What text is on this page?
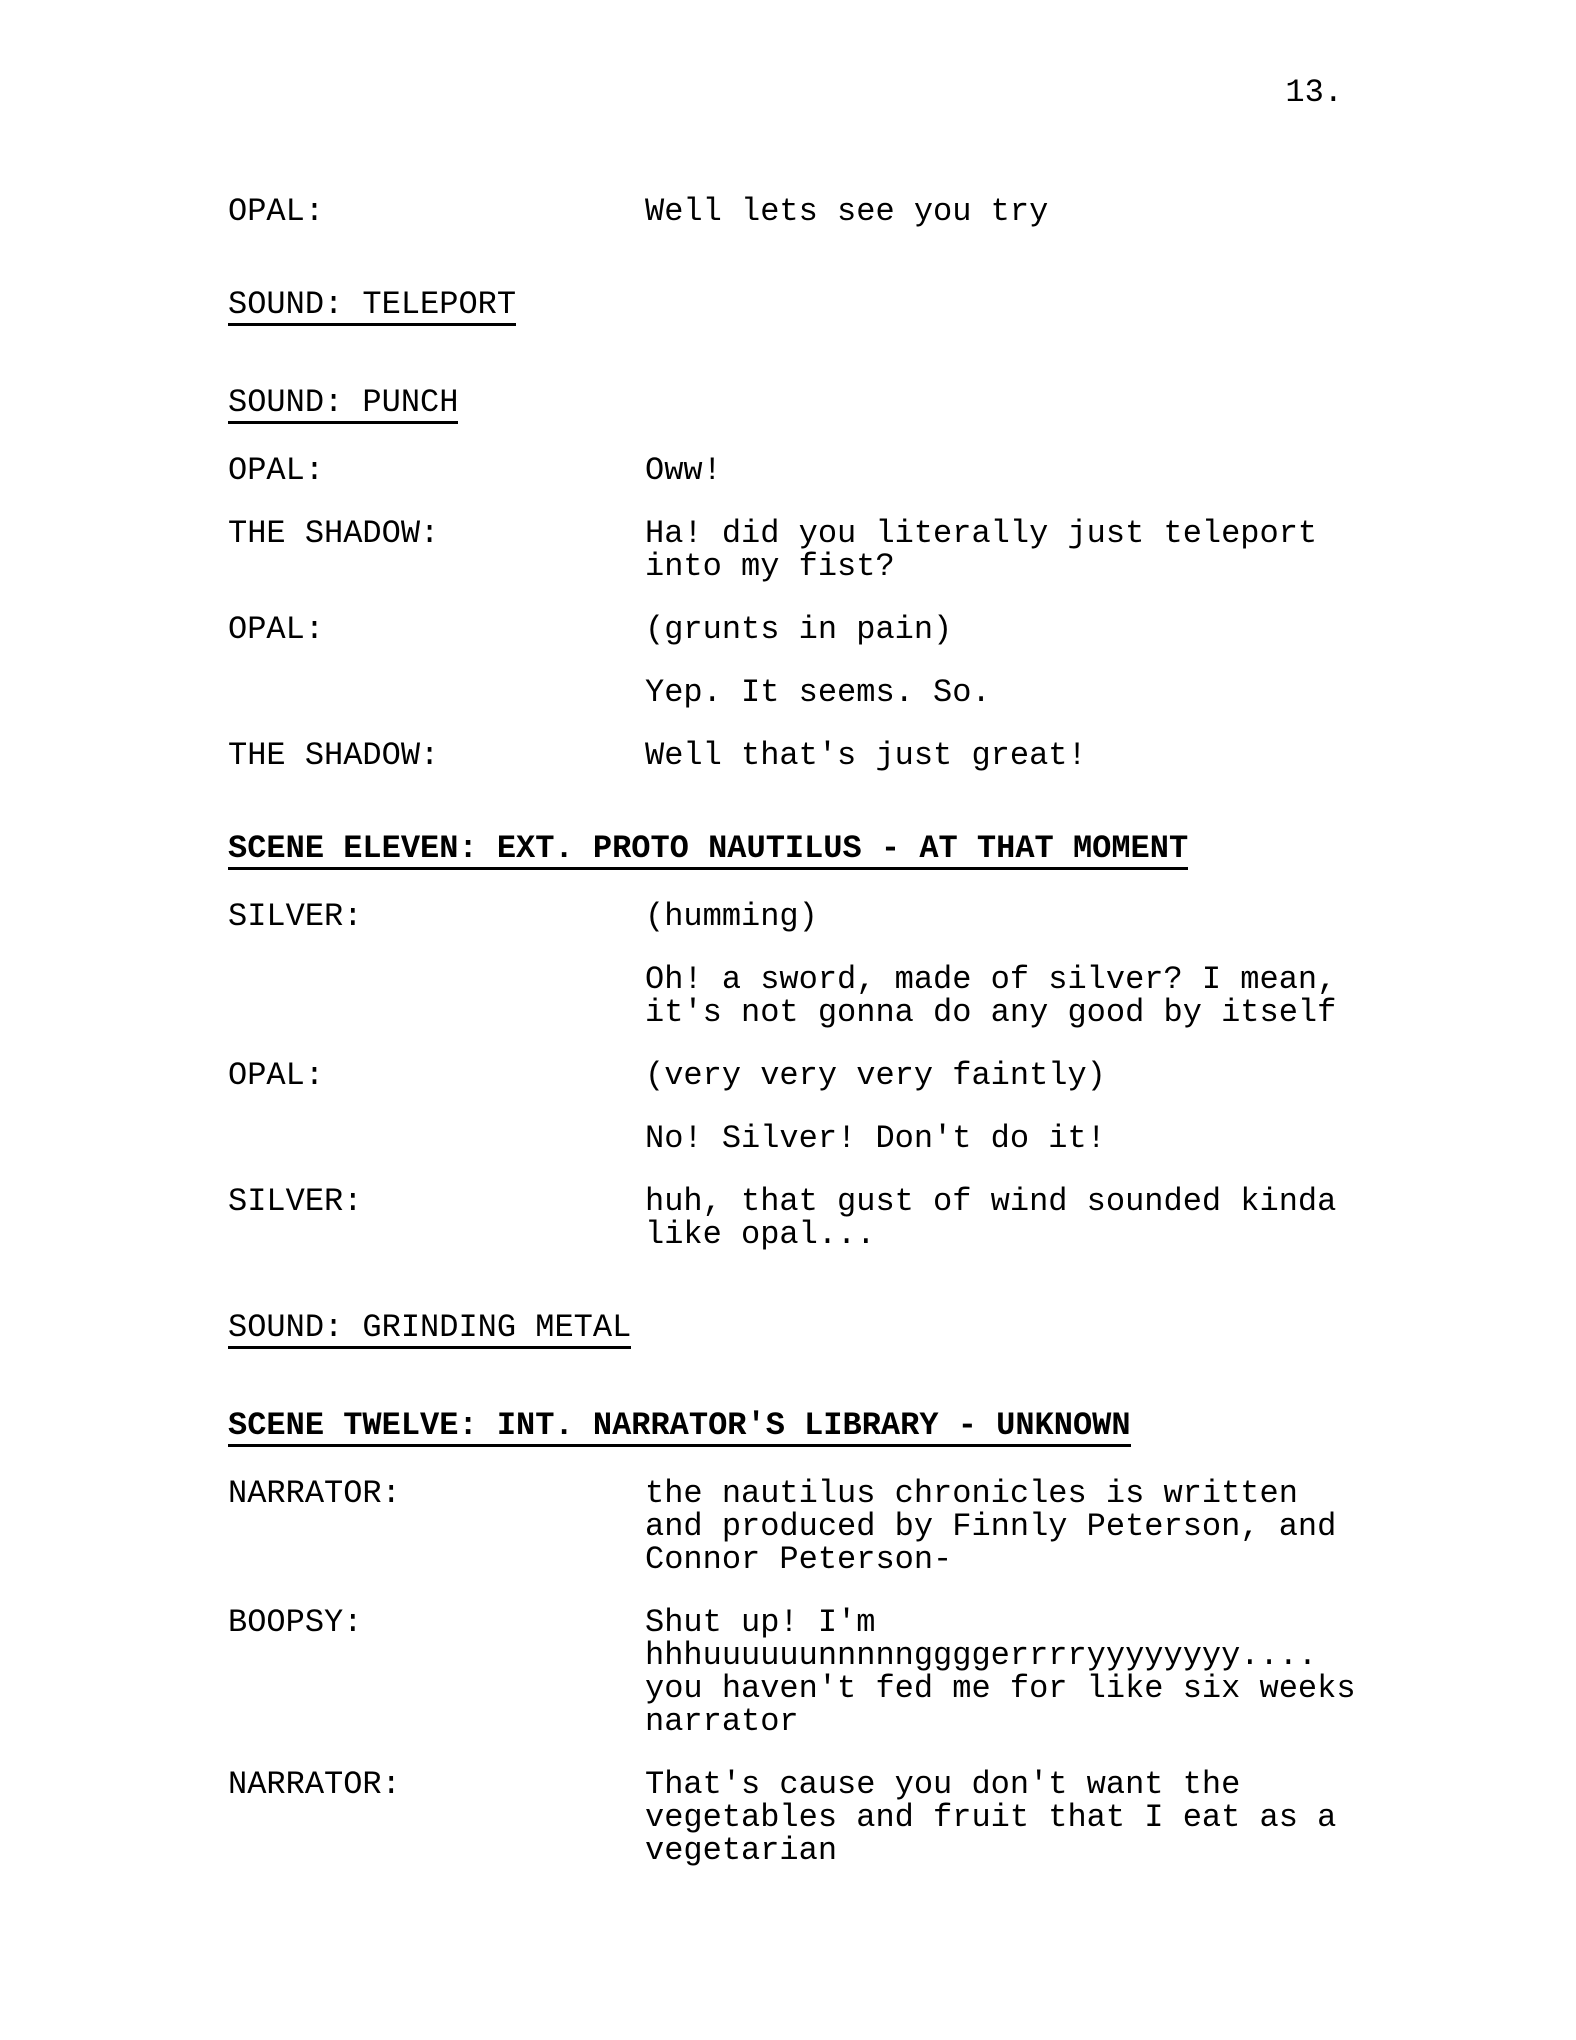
13.
OPAL:	Well lets see you try
SOUND: TELEPORT
SOUND: PUNCH
OPAL:	Oww!
THE SHADOW:	Ha! did you literally just teleport
into my fist?
OPAL:	(grunts in pain)
Yep. It seems. So.
THE SHADOW:	Well that's just great!
SCENE ELEVEN: EXT. PROTO NAUTILUS - AT THAT MOMENT
SILVER:	(humming)
Oh! a sword, made of silver? I mean,
it's not gonna do any good by itself
OPAL:	(very very very faintly)
No! Silver! Don't do it!
SILVER:	huh, that gust of wind sounded kinda
like opal...
SOUND: GRINDING METAL
SCENE TWELVE: INT. NARRATOR'S LIBRARY - UNKNOWN
NARRATOR:	the nautilus chronicles is written
and produced by Finnly Peterson, and
Connor Peterson-
BOOPSY:	Shut up! I'm
hhhuuuuuunnnnnggggerrrryyyyyyyy....
you haven't fed me for like six weeks
narrator
NARRATOR:	That's cause you don't want the
vegetables and fruit that I eat as a
vegetarian
